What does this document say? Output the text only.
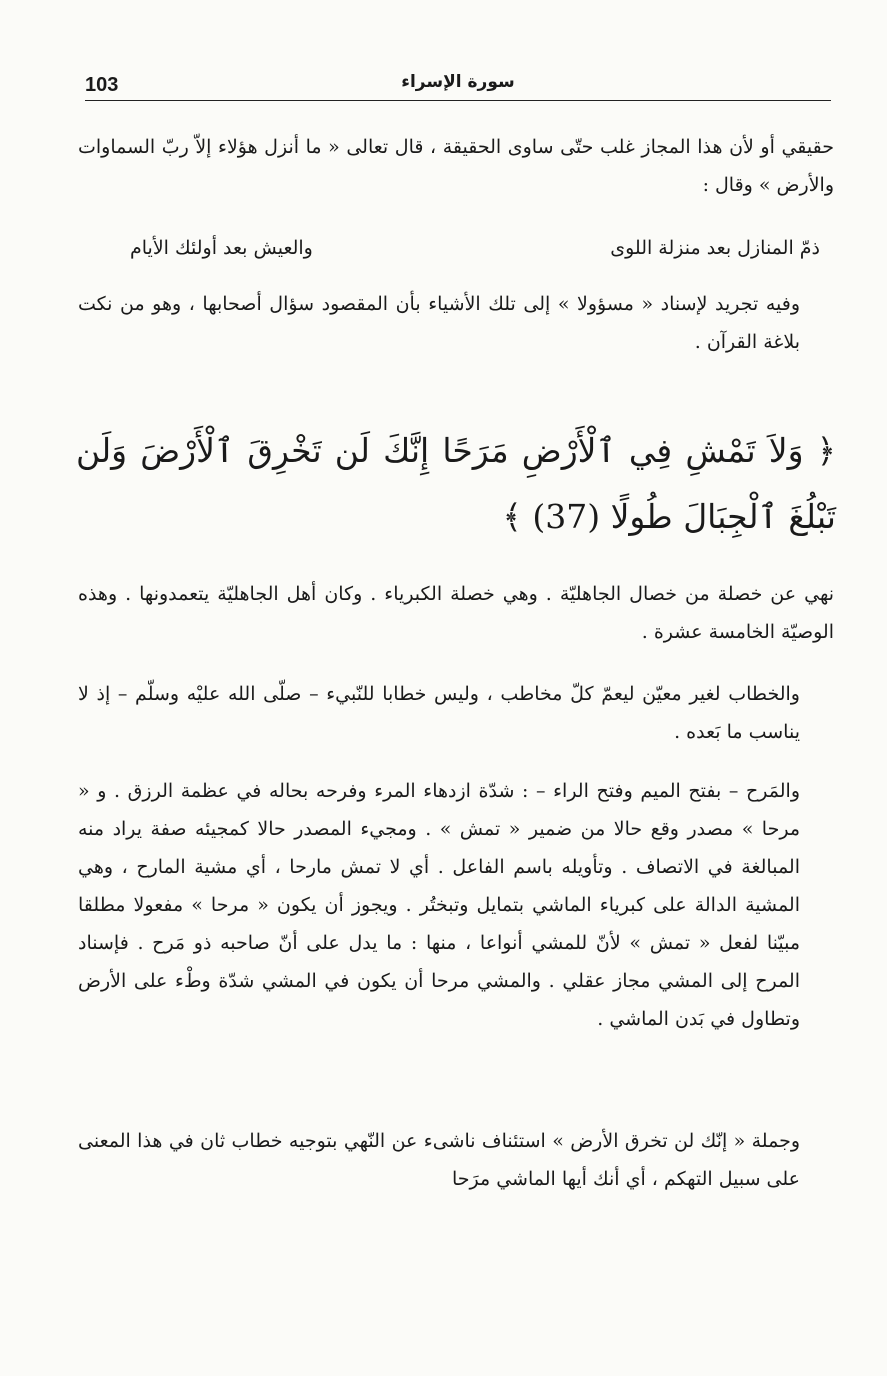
103	سورة الإسراء
حقيقي أو لأن هذا المجاز غلب حتّى ساوى الحقيقة ، قال تعالى « ما أنزل هؤلاء إلاّ ربّ السماوات والأرض » وقال :
ذمّ المنازل بعد منزلة اللوى
والعيش بعد أولئك الأيام
وفيه تجريد لإسناد « مسؤولا » إلى تلك الأشياء بأن المقصود سؤال أصحابها ، وهو من نكت بلاغة القرآن .
﴿ وَلاَ تَمْشِ فِي ٱلْأَرْضِ مَرَحًا إِنَّكَ لَن تَخْرِقَ ٱلْأَرْضَ وَلَن تَبْلُغَ ٱلْجِبَالَ طُولًا (37) ﴾
نهي عن خصلة من خصال الجاهليّة . وهي خصلة الكبرياء . وكان أهل الجاهليّة يتعمدونها . وهذه الوصيّة الخامسة عشرة .
والخطاب لغير معيّن ليعمّ كلّ مخاطب ، وليس خطابا للنّبيء – صلّى الله عليْه وسلّم – إذ لا يناسب ما بَعده .
والمَرح – بفتح الميم وفتح الراء – : شدّة ازدهاء المرء وفرحه بحاله في عظمة الرزق . و « مرحا » مصدر وقع حالا من ضمير « تمش » . ومجيء المصدر حالا كمجيئه صفة يراد منه المبالغة في الاتصاف . وتأويله باسم الفاعل . أي لا تمش مارحا ، أي مشية المارح ، وهي المشية الدالة على كبرياء الماشي بتمايل وتبختُر . ويجوز أن يكون « مرحا » مفعولا مطلقا مبيّنا لفعل « تمش » لأنّ للمشي أنواعا ، منها : ما يدل على أنّ صاحبه ذو مَرح . فإسناد المرح إلى المشي مجاز عقلي . والمشي مرحا أن يكون في المشي شدّة وطْء على الأرض وتطاول في بَدن الماشي .
وجملة « إنّك لن تخرق الأرض » استئناف ناشىء عن النّهي بتوجيه خطاب ثان في هذا المعنى على سبيل التهكم ، أي أنك أيها الماشي مرَحا
